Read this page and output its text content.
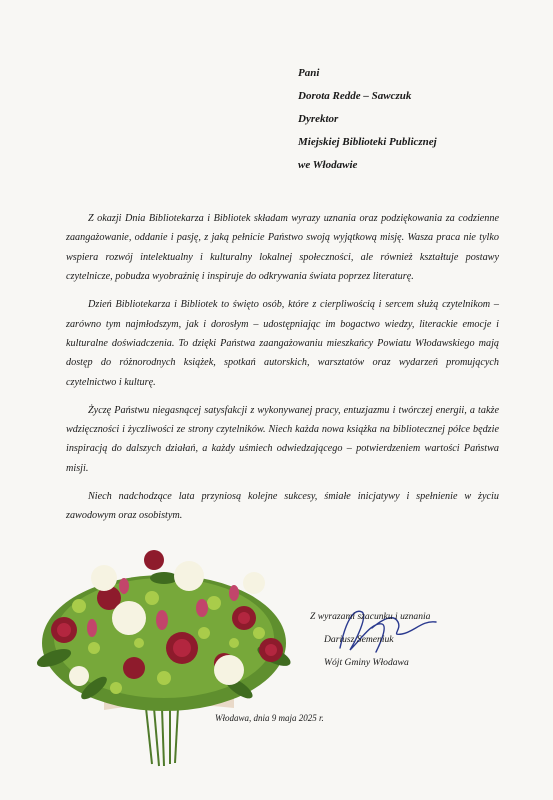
Pani
Dorota Redde – Sawczuk
Dyrektor
Miejskiej Biblioteki Publicznej
we Włodawie

Z okazji Dnia Bibliotekarza i Bibliotek składam wyrazy uznania oraz podziękowania za codzienne zaangażowanie, oddanie i pasję, z jaką pełnicie Państwo swoją wyjątkową misję. Wasza praca nie tylko wspiera rozwój intelektualny i kulturalny lokalnej społeczności, ale również kształtuje postawy czytelnicze, pobudza wyobraźnię i inspiruje do odkrywania świata poprzez literaturę.

Dzień Bibliotekarza i Bibliotek to święto osób, które z cierpliwością i sercem służą czytelnikom – zarówno tym najmłodszym, jak i dorosłym – udostępniając im bogactwo wiedzy, literackie emocje i kulturalne doświadczenia. To dzięki Państwa zaangażowaniu mieszkańcy Powiatu Włodawskiego mają dostęp do różnorodnych książek, spotkań autorskich, warsztatów oraz wydarzeń promujących czytelnictwo i kulturę.

Życzę Państwu niegasnącej satysfakcji z wykonywanej pracy, entuzjazmu i twórczej energii, a także wdzięczności i życzliwości ze strony czytelników. Niech każda nowa książka na bibliotecznej półce będzie inspiracją do dalszych działań, a każdy uśmiech odwiedzającego – potwierdzeniem wartości Państwa misji.

Niech nadchodzące lata przyniosą kolejne sukcesy, śmiałe inicjatywy i spełnienie w życiu zawodowym oraz osobistym.

Z wyrazami szacunku i uznania
Dariusz Semeniuk
Wójt Gminy Włodawa
Włodawa, dnia 9 maja 2025 r.
